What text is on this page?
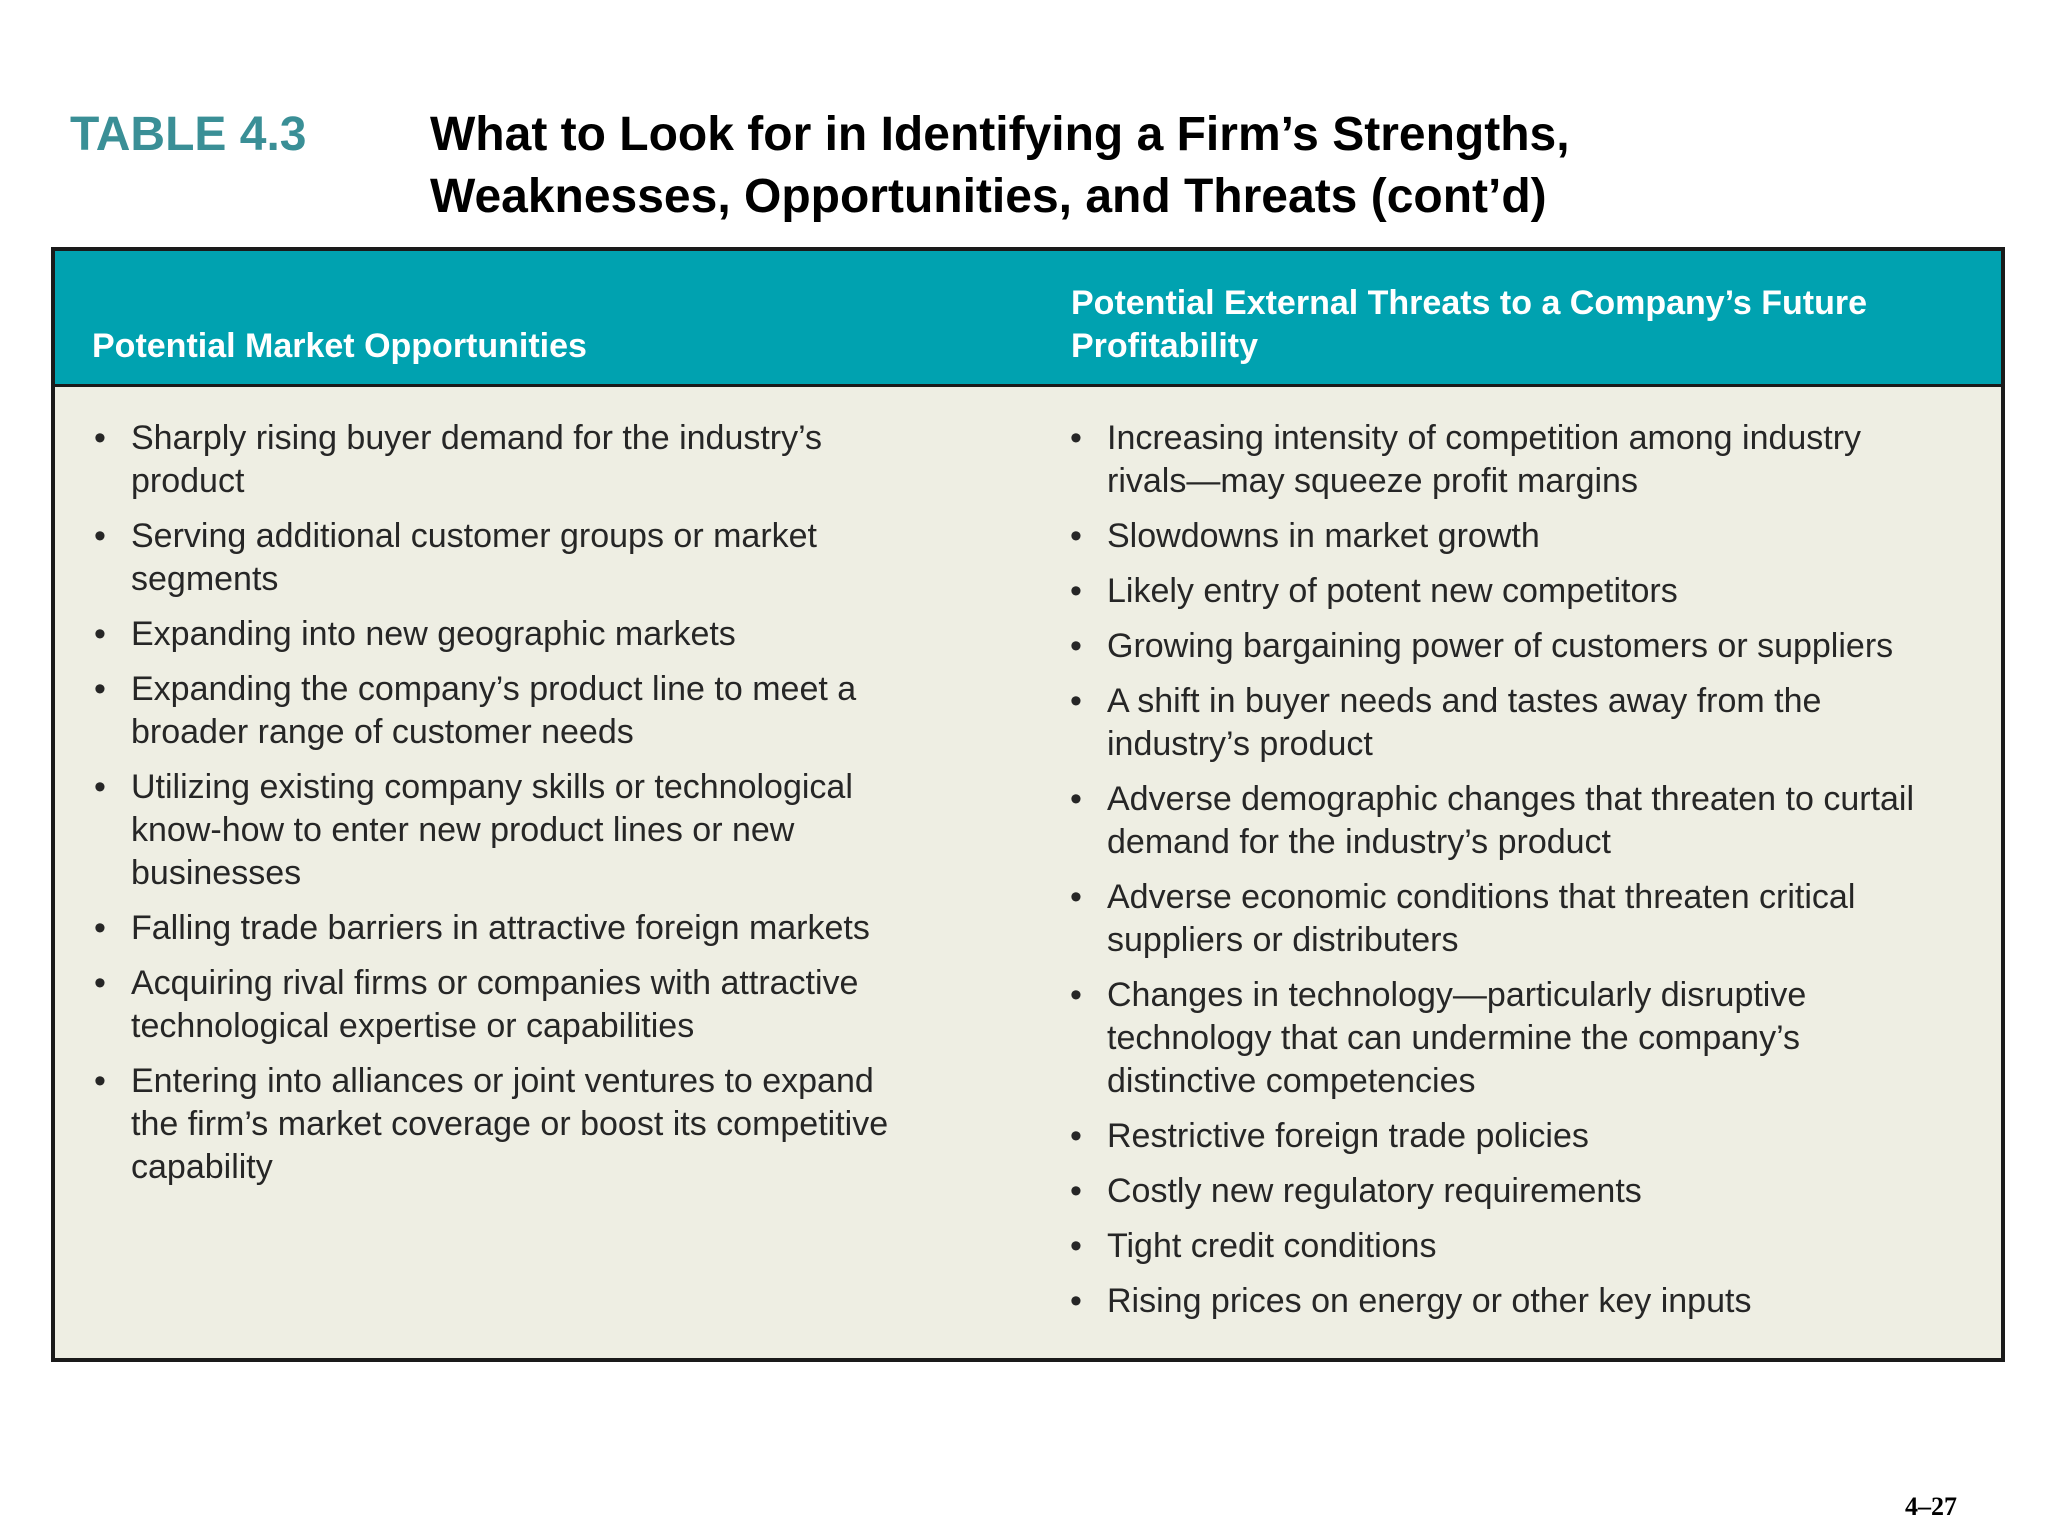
TABLE 4.3	What to Look for in Identifying a Firm’s Strengths,
Weaknesses, Opportunities, and Threats (cont’d)
Potential Market Opportunities
Potential External Threats to a Company’s Future
Profitability
• Sharply rising buyer demand for the industry’s
product
• Serving additional customer groups or market
segments
• Expanding into new geographic markets
• Expanding the company’s product line to meet a
broader range of customer needs
• Utilizing existing company skills or technological
know-how to enter new product lines or new
businesses
• Falling trade barriers in attractive foreign markets
• Acquiring rival firms or companies with attractive
technological expertise or capabilities
• Entering into alliances or joint ventures to expand
the firm’s market coverage or boost its competitive
capability
• Increasing intensity of competition among industry
rivals—may squeeze profit margins
• Slowdowns in market growth
• Likely entry of potent new competitors
• Growing bargaining power of customers or suppliers
• A shift in buyer needs and tastes away from the
industry’s product
• Adverse demographic changes that threaten to curtail
demand for the industry’s product
• Adverse economic conditions that threaten critical
suppliers or distributers
• Changes in technology—particularly disruptive
technology that can undermine the company’s
distinctive competencies
• Restrictive foreign trade policies
• Costly new regulatory requirements
• Tight credit conditions
• Rising prices on energy or other key inputs
4–27
